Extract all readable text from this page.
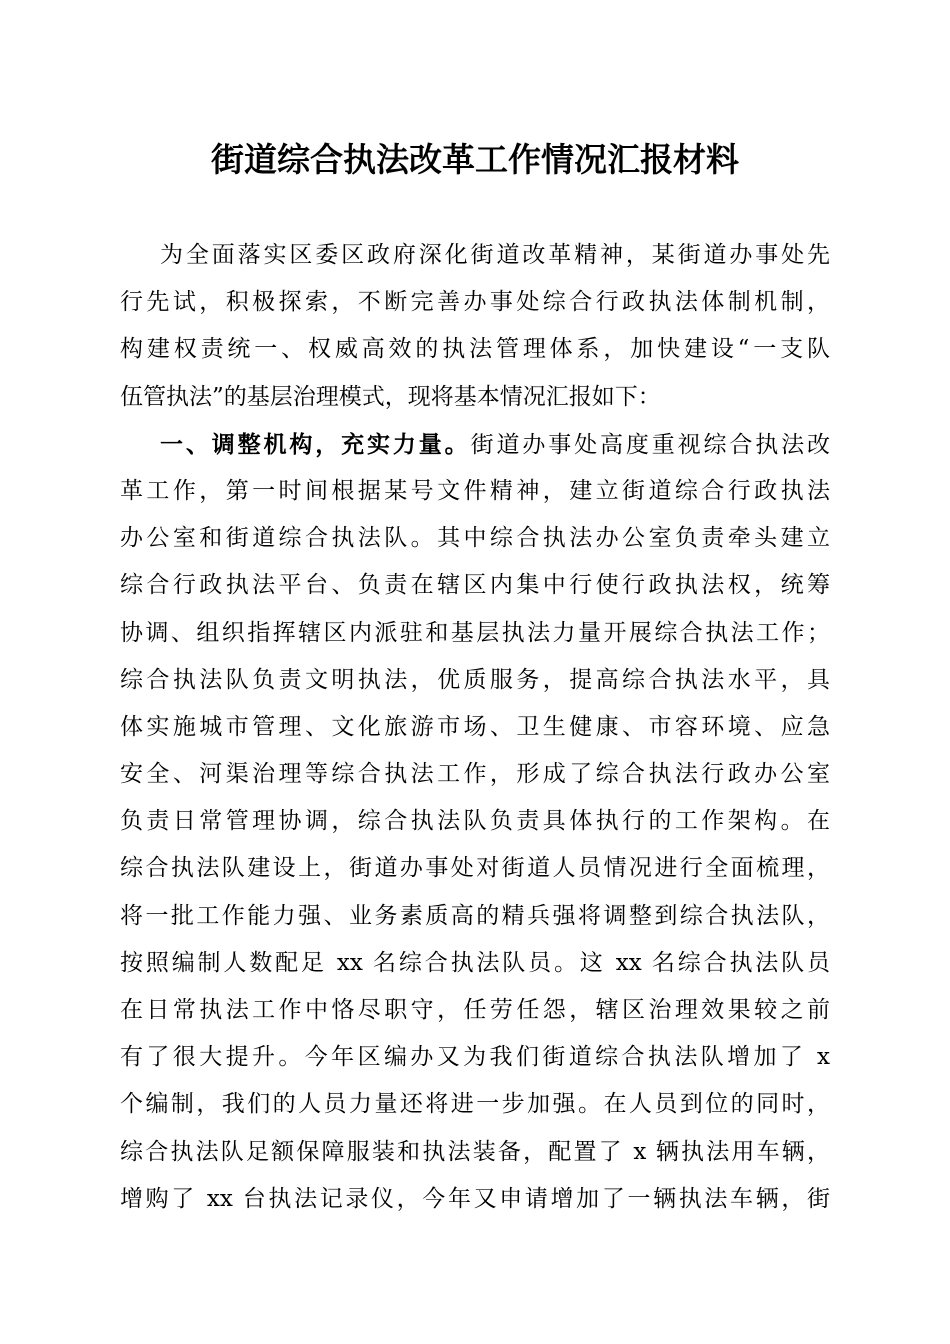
街道综合执法改革工作情况汇报材料
为全面落实区委区政府深化街道改革精神，某街道办事处先
行先试，积极探索，不断完善办事处综合行政执法体制机制，
构建权责统一、权威高效的执法管理体系，加快建设“一支队
伍管执法”的基层治理模式，现将基本情况汇报如下：
一、调整机构，充实力量。街道办事处高度重视综合执法改
革工作，第一时间根据某号文件精神，建立街道综合行政执法
办公室和街道综合执法队。其中综合执法办公室负责牵头建立
综合行政执法平台、负责在辖区内集中行使行政执法权，统筹
协调、组织指挥辖区内派驻和基层执法力量开展综合执法工作；
综合执法队负责文明执法，优质服务，提高综合执法水平，具
体实施城市管理、文化旅游市场、卫生健康、市容环境、应急
安全、河渠治理等综合执法工作，形成了综合执法行政办公室
负责日常管理协调，综合执法队负责具体执行的工作架构。在
综合执法队建设上，街道办事处对街道人员情况进行全面梳理，
将一批工作能力强、业务素质高的精兵强将调整到综合执法队，
按照编制人数配足 xx 名综合执法队员。这 xx 名综合执法队员
在日常执法工作中恪尽职守，任劳任怨，辖区治理效果较之前
有了很大提升。今年区编办又为我们街道综合执法队增加了 x
个编制，我们的人员力量还将进一步加强。在人员到位的同时，
综合执法队足额保障服装和执法装备，配置了 x 辆执法用车辆，
增购了 xx 台执法记录仪，今年又申请增加了一辆执法车辆，街
